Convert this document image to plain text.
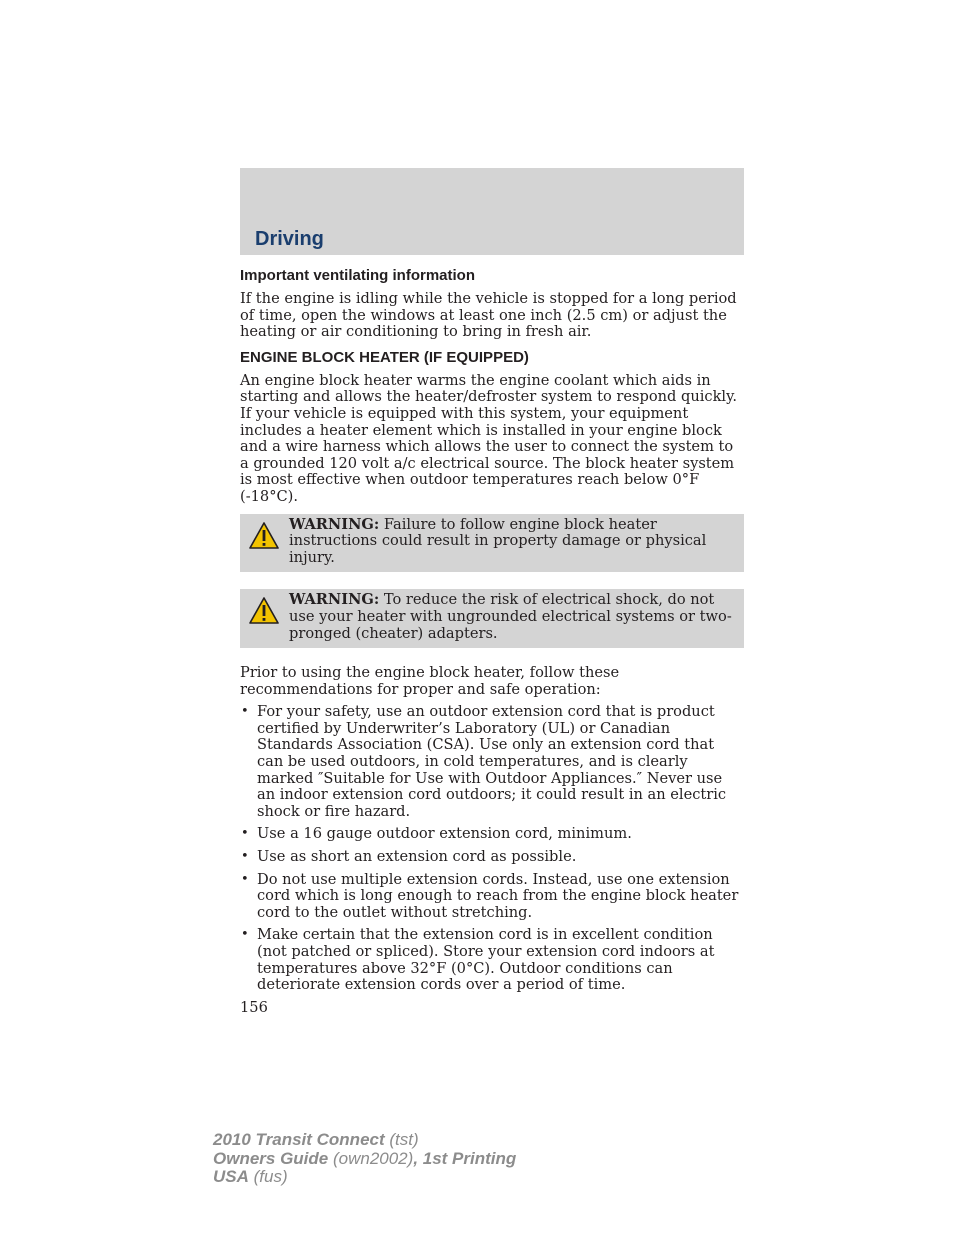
Driving
Important ventilating information

If the engine is idling while the vehicle is stopped for a long period of time, open the windows at least one inch (2.5 cm) or adjust the heating or air conditioning to bring in fresh air.

ENGINE BLOCK HEATER (IF EQUIPPED)

An engine block heater warms the engine coolant which aids in starting and allows the heater/defroster system to respond quickly. If your vehicle is equipped with this system, your equipment includes a heater element which is installed in your engine block and a wire harness which allows the user to connect the system to a grounded 120 volt a/c electrical source. The block heater system is most effective when outdoor temperatures reach below 0°F (-18°C).

WARNING: Failure to follow engine block heater instructions could result in property damage or physical injury.
WARNING: To reduce the risk of electrical shock, do not use your heater with ungrounded electrical systems or two-pronged (cheater) adapters.

Prior to using the engine block heater, follow these recommendations for proper and safe operation:

• For your safety, use an outdoor extension cord that is product certified by Underwriter’s Laboratory (UL) or Canadian Standards Association (CSA). Use only an extension cord that can be used outdoors, in cold temperatures, and is clearly marked ″Suitable for Use with Outdoor Appliances.″ Never use an indoor extension cord outdoors; it could result in an electric shock or fire hazard.
• Use a 16 gauge outdoor extension cord, minimum.
• Use as short an extension cord as possible.
• Do not use multiple extension cords. Instead, use one extension cord which is long enough to reach from the engine block heater cord to the outlet without stretching.
• Make certain that the extension cord is in excellent condition (not patched or spliced). Store your extension cord indoors at temperatures above 32°F (0°C). Outdoor conditions can deteriorate extension cords over a period of time.
156
2010 Transit Connect (tst)
Owners Guide (own2002), 1st Printing
USA (fus)
